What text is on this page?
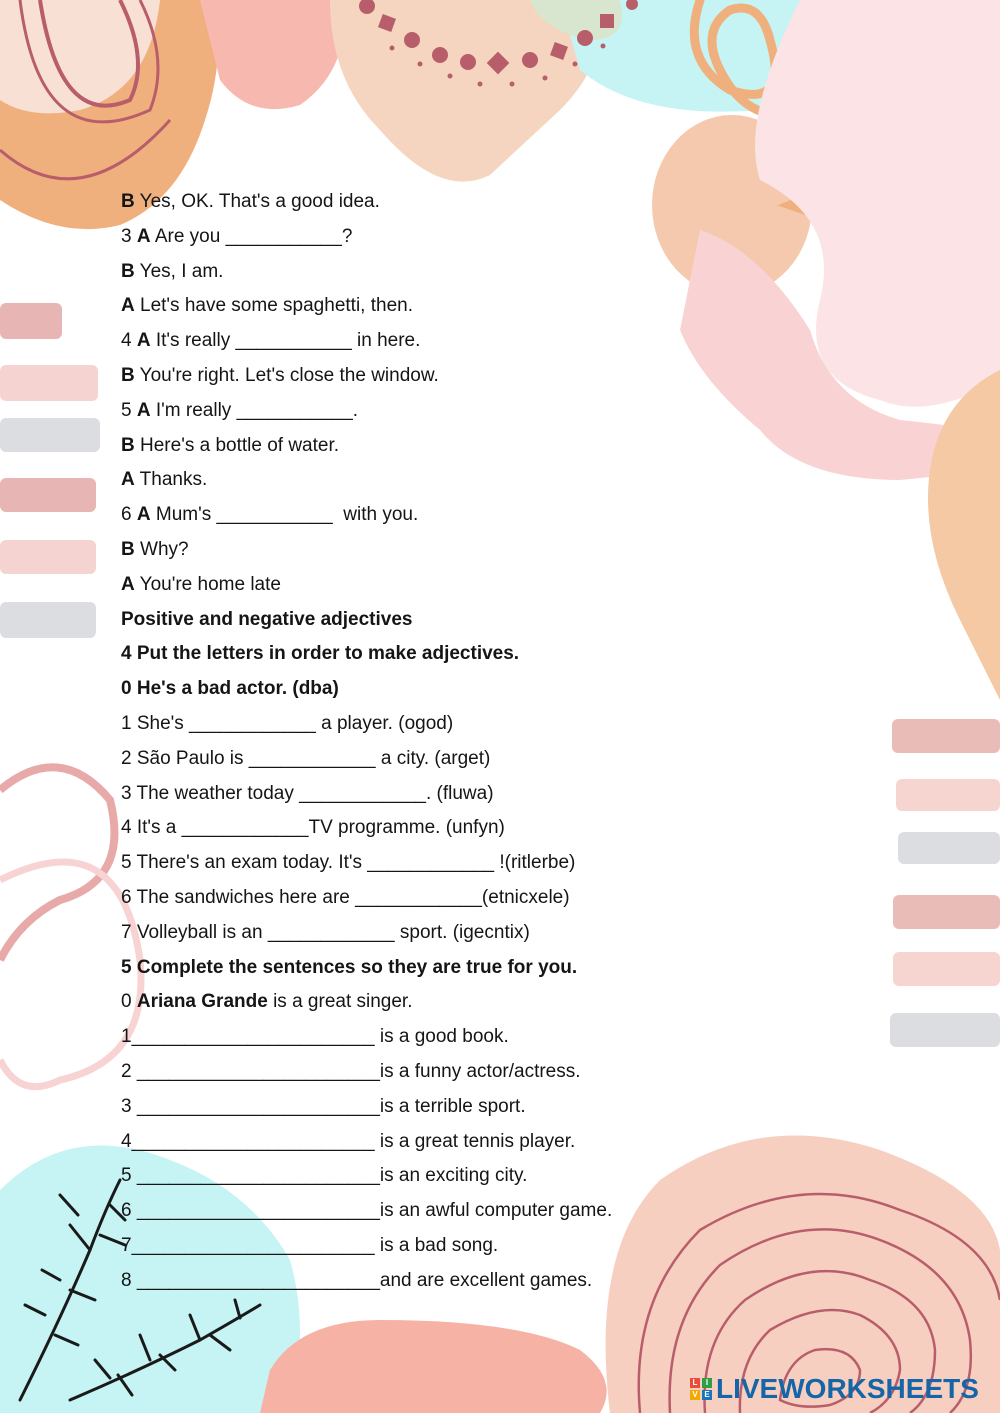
B Yes, OK. That's a good idea.
3 A Are you ___________?
B Yes, I am.
A Let's have some spaghetti, then.
4 A It's really ___________ in here.
B You're right. Let's close the window.
5 A I'm really ___________.
B Here's a bottle of water.
A Thanks.
6 A Mum's ___________  with you.
B Why?
A You're home late
Positive and negative adjectives
4 Put the letters in order to make adjectives.
0 He's a bad actor. (dba)
1 She's ____________ a player. (ogod)
2 São Paulo is ____________ a city. (arget)
3 The weather today ____________. (fluwa)
4 It's a ____________TV programme. (unfyn)
5 There's an exam today. It's ____________ !(ritlerbe)
6 The sandwiches here are ____________(etnicxele)
7 Volleyball is an ____________ sport. (igecntix)
5 Complete the sentences so they are true for you.
0 Ariana Grande is a great singer.
1_______________________ is a good book.
2 _______________________is a funny actor/actress.
3 _______________________is a terrible sport.
4_______________________ is a great tennis player.
5 _______________________is an exciting city.
6 _______________________is an awful computer game.
7_______________________ is a bad song.
8 _______________________and are excellent games.
L	I
V E LIVEWORKSHEETS
